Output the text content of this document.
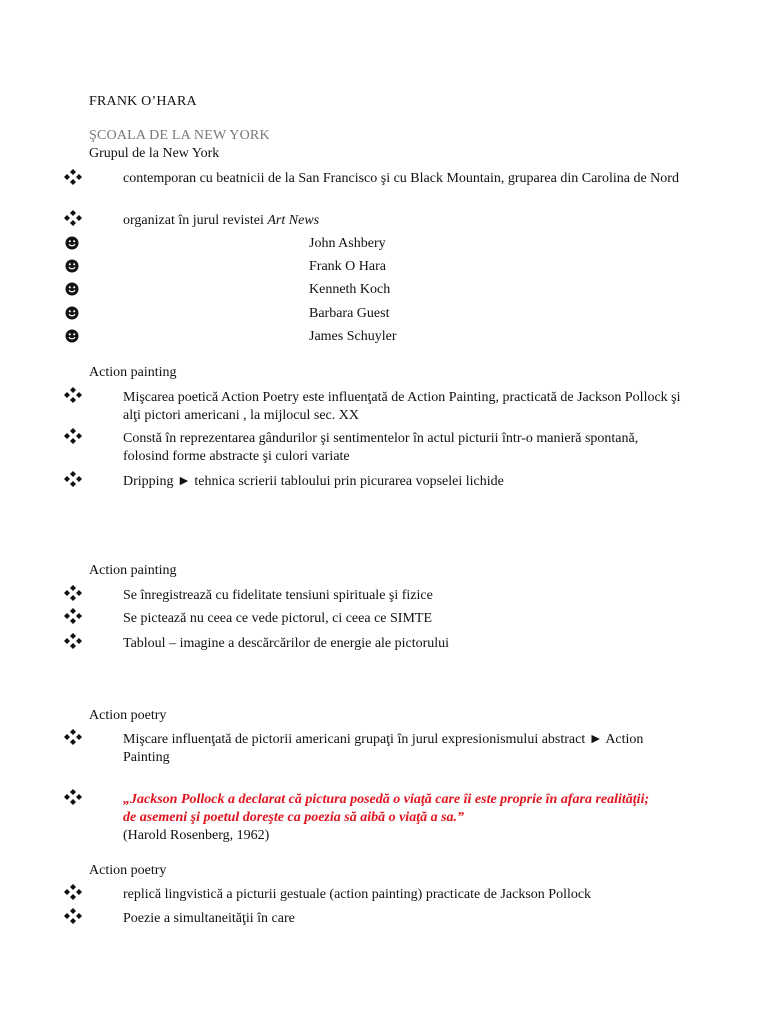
FRANK O’HARA
ŞCOALA DE LA NEW YORK
Grupul de la New York
contemporan cu beatnicii de la San Francisco şi cu Black Mountain, gruparea din Carolina de Nord
organizat în jurul revistei Art News
John Ashbery
Frank O Hara
Kenneth Koch
Barbara Guest
James Schuyler
Action painting
Mişcarea poetică Action Poetry este influenţată de Action Painting, practicată de Jackson Pollock şi alţi pictori americani , la mijlocul sec. XX
Constă în reprezentarea gândurilor şi sentimentelor în actul picturii într-o manieră spontană, folosind forme abstracte şi culori variate
Dripping ► tehnica scrierii tabloului prin picurarea vopselei lichide
Action painting
Se înregistrează cu fidelitate tensiuni spirituale şi fizice
Se pictează nu ceea ce vede pictorul, ci ceea ce SIMTE
Tabloul – imagine a descărcărilor de energie ale pictorului
Action poetry
Mişcare influenţată de pictorii americani grupaţi în jurul expresionismului abstract ► Action Painting
„Jackson Pollock a declarat că pictura posedă o viaţă care îi este proprie în afara realităţii; de asemeni şi poetul doreşte ca poezia să aibă o viaţă a sa.”
(Harold Rosenberg, 1962)
Action poetry
replică lingvistică a picturii gestuale (action painting) practicate de Jackson Pollock
Poezie a simultaneităţii în care
